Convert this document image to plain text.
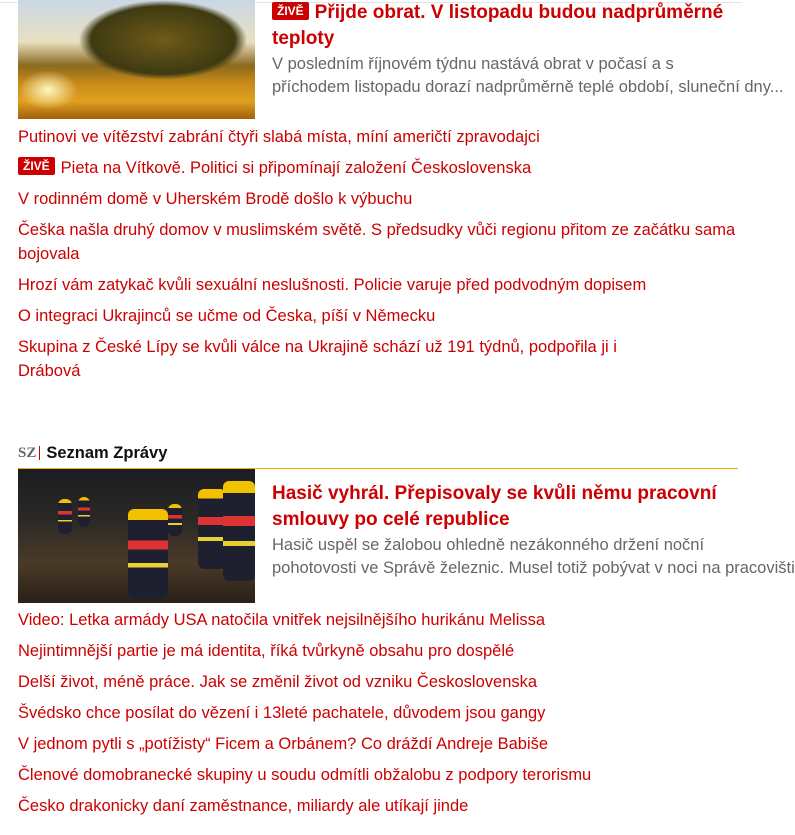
ŽIVĚ Přijde obrat. V listopadu budou nadprůměrné teploty
V posledním říjnovém týdnu nastává obrat v počasí a s
příchodem listopadu dorazí nadprůměrně teplé období, sluneční dny...
Putinovi ve vítězství zabrání čtyři slabá místa, míní američtí zpravodajci
ŽIVĚ Pieta na Vítkově. Politici si připomínají založení Československa
V rodinném domě v Uherském Brodě došlo k výbuchu
Češka našla druhý domov v muslimském světě. S předsudky vůči regionu přitom ze začátku sama bojovala
Hrozí vám zatykač kvůli sexuální neslušnosti. Policie varuje před podvodným dopisem
O integraci Ukrajinců se učme od Česka, píší v Německu
Skupina z České Lípy se kvůli válce na Ukrajině schází už 191 týdnů, podpořila ji i Drábová
SZ Seznam Zprávy
Hasič vyhrál. Přepisovaly se kvůli němu pracovní smlouvy po celé republice
Hasič uspěl se žalobou ohledně nezákonného držení noční
pohotovosti ve Správě železnic. Musel totiž pobývat v noci na pracovišti
Video: Letka armády USA natočila vnitřek nejsilnějšího hurikánu Melissa
Nejintimnější partie je má identita, říká tvůrkyně obsahu pro dospělé
Delší život, méně práce. Jak se změnil život od vzniku Československa
Švédsko chce posílat do vězení i 13leté pachatele, důvodem jsou gangy
V jednom pytli s „potížisty“ Ficem a Orbánem? Co dráždí Andreje Babiše
Členové domobranecké skupiny u soudu odmítli obžalobu z podpory terorismu
Česko drakonicky daní zaměstnance, miliardy ale utíkají jinde
